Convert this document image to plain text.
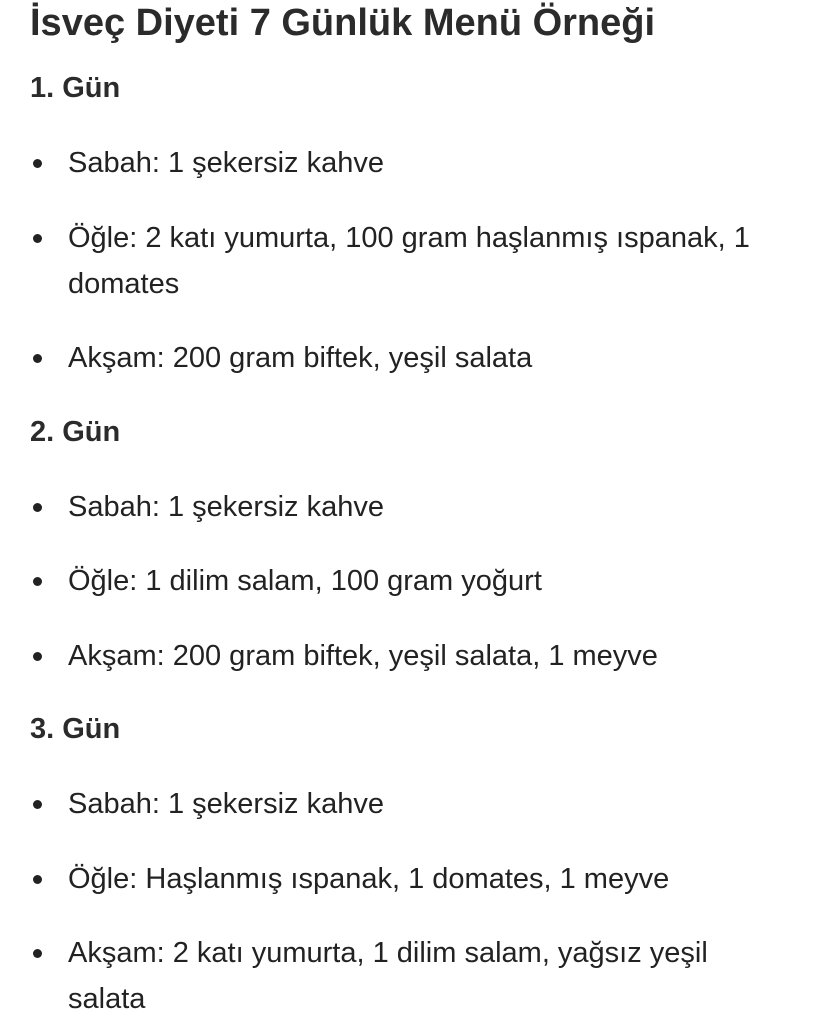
İsveç Diyeti 7 Günlük Menü Örneği
1. Gün
Sabah: 1 şekersiz kahve
Öğle: 2 katı yumurta, 100 gram haşlanmış ıspanak, 1 domates
Akşam: 200 gram biftek, yeşil salata
2. Gün
Sabah: 1 şekersiz kahve
Öğle: 1 dilim salam, 100 gram yoğurt
Akşam: 200 gram biftek, yeşil salata, 1 meyve
3. Gün
Sabah: 1 şekersiz kahve
Öğle: Haşlanmış ıspanak, 1 domates, 1 meyve
Akşam: 2 katı yumurta, 1 dilim salam, yağsız yeşil salata
